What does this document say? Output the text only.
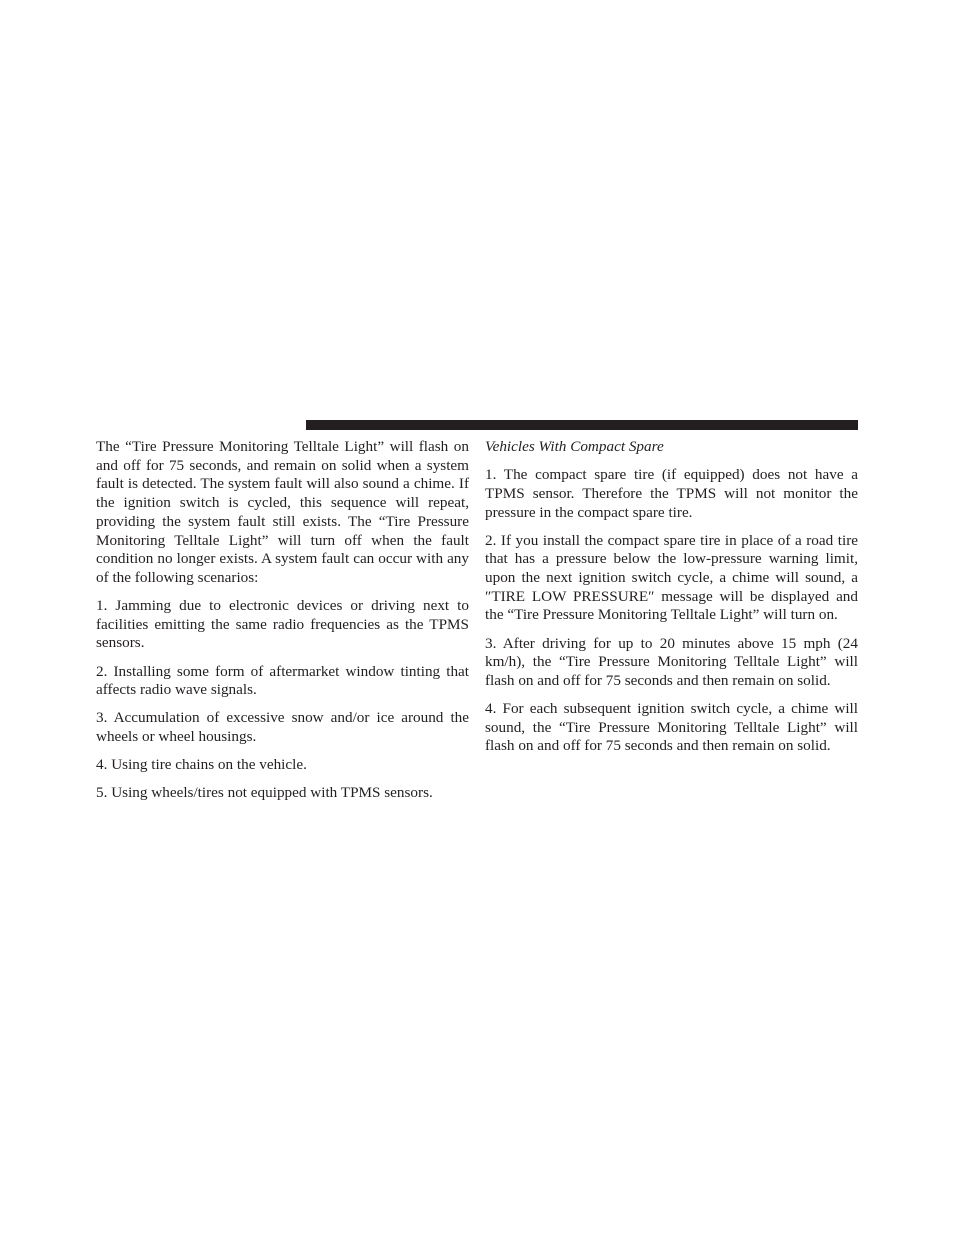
The “Tire Pressure Monitoring Telltale Light” will flash on and off for 75 seconds, and remain on solid when a system fault is detected. The system fault will also sound a chime. If the ignition switch is cycled, this sequence will repeat, providing the system fault still exists. The “Tire Pressure Monitoring Telltale Light” will turn off when the fault condition no longer exists. A system fault can occur with any of the following scenarios:

1. Jamming due to electronic devices or driving next to facilities emitting the same radio frequencies as the TPMS sensors.

2. Installing some form of aftermarket window tinting that affects radio wave signals.

3. Accumulation of excessive snow and/or ice around the wheels or wheel housings.

4. Using tire chains on the vehicle.

5. Using wheels/tires not equipped with TPMS sensors.

Vehicles With Compact Spare

1. The compact spare tire (if equipped) does not have a TPMS sensor. Therefore the TPMS will not monitor the pressure in the compact spare tire.

2. If you install the compact spare tire in place of a road tire that has a pressure below the low-pressure warning limit, upon the next ignition switch cycle, a chime will sound, a ″TIRE LOW PRESSURE″ message will be displayed and the “Tire Pressure Monitoring Telltale Light” will turn on.

3. After driving for up to 20 minutes above 15 mph (24 km/h), the “Tire Pressure Monitoring Telltale Light” will flash on and off for 75 seconds and then remain on solid.

4. For each subsequent ignition switch cycle, a chime will sound, the “Tire Pressure Monitoring Telltale Light” will flash on and off for 75 seconds and then remain on solid.
